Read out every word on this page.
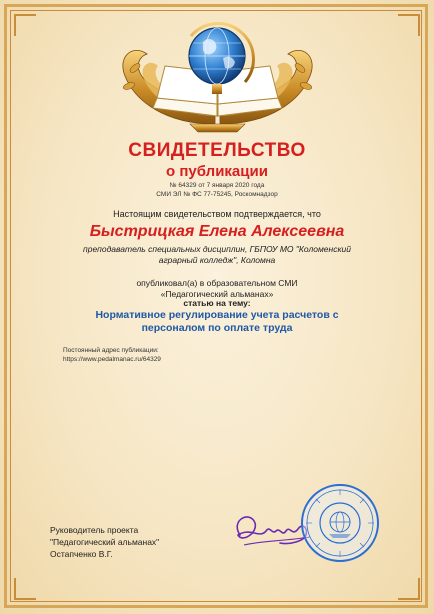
СВИДЕТЕЛЬСТВО
о публикации
№ 64329 от 7 января 2020 года
СМИ ЭЛ № ФС 77-75245, Роскомнадзор
Настоящим свидетельством подтверждается, что
Быстрицкая Елена Алексеевна
преподаватель специальных дисциплин, ГБПОУ МО "Коломенский
аграрный колледж", Коломна
опубликовал(а) в образовательном СМИ
«Педагогический альманах»
статью на тему:
Нормативное регулирование учета расчетов с
персоналом по оплате труда
Постоянный адрес публикации:
https://www.pedalmanac.ru/64329
Руководитель проекта
"Педагогический альманах"
Остапченко В.Г.
